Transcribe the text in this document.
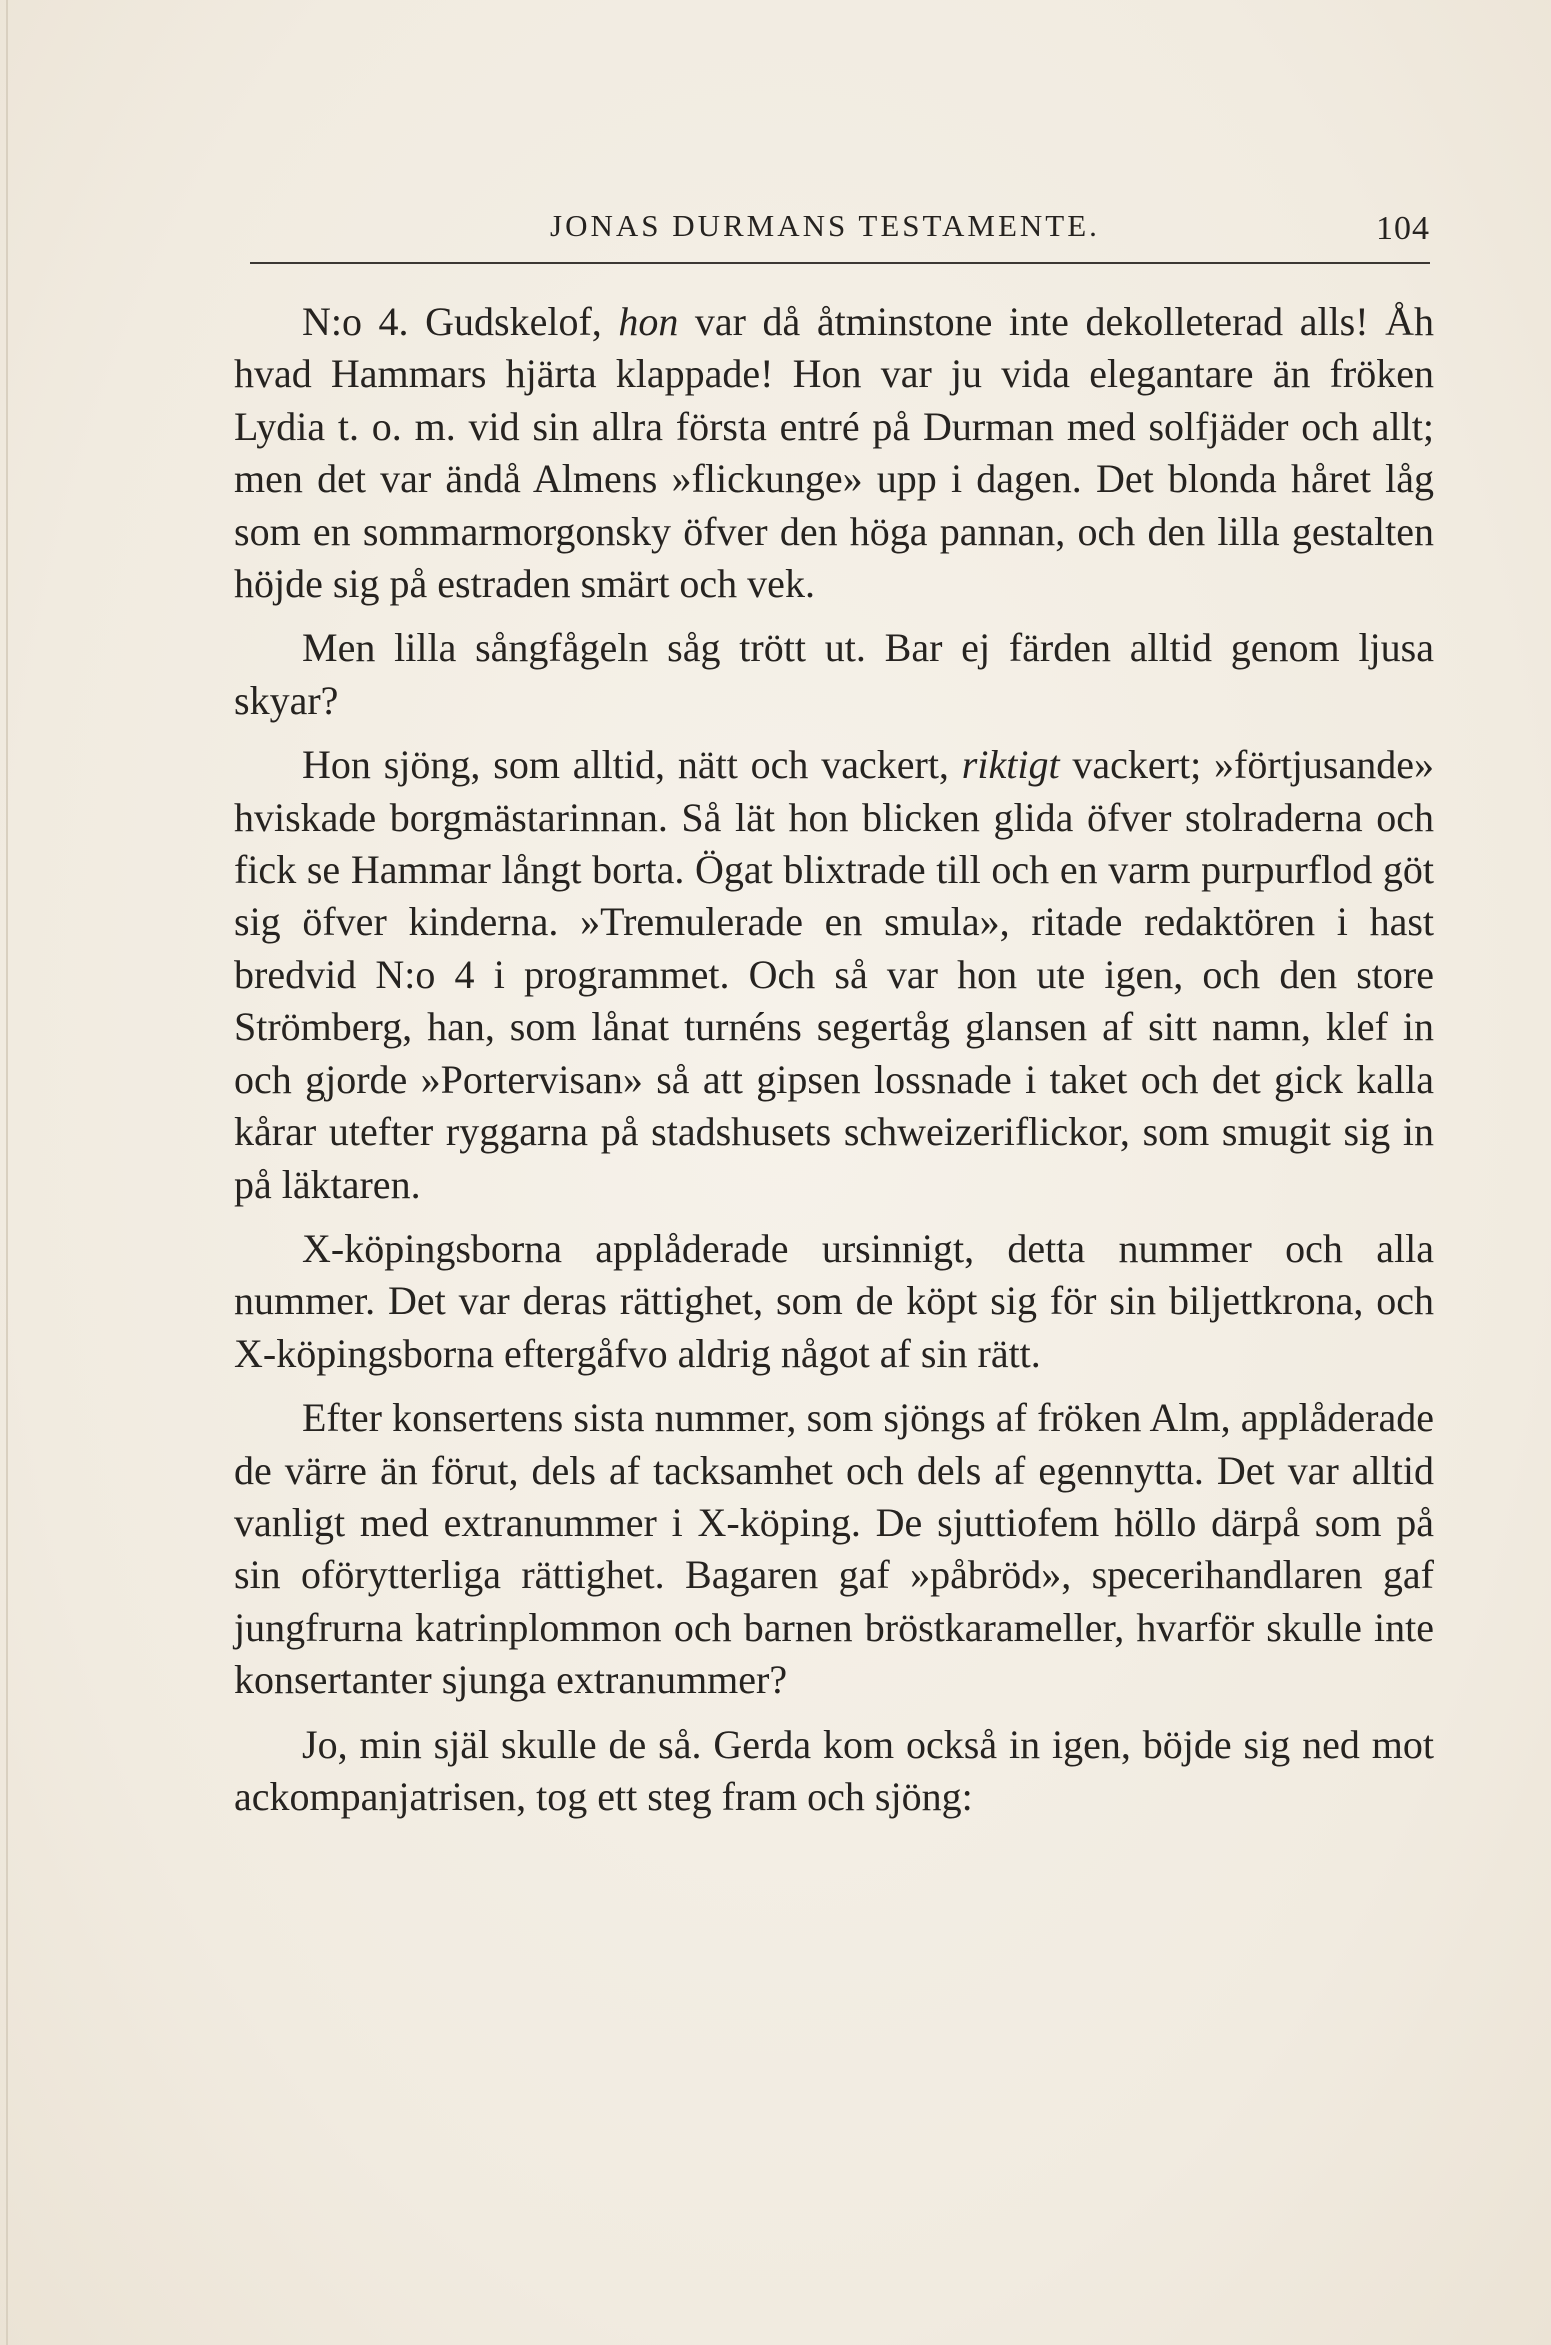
JONAS DURMANS TESTAMENTE.	104

N:o 4. Gudskelof, hon var då åtminstone inte dekolleterad alls! Åh hvad Hammars hjärta klappade! Hon var ju vida elegantare än fröken Lydia t. o. m. vid sin allra första entré på Durman med solfjäder och allt; men det var ändå Almens »flickunge» upp i dagen. Det blonda håret låg som en sommarmorgonsky öfver den höga pannan, och den lilla gestalten höjde sig på estraden smärt och vek.

Men lilla sångfågeln såg trött ut. Bar ej färden alltid genom ljusa skyar?

Hon sjöng, som alltid, nätt och vackert, riktigt vackert; »förtjusande» hviskade borgmästarinnan. Så lät hon blicken glida öfver stolraderna och fick se Hammar långt borta. Ögat blixtrade till och en varm purpurflod göt sig öfver kinderna. »Tremulerade en smula», ritade redaktören i hast bredvid N:o 4 i programmet. Och så var hon ute igen, och den store Strömberg, han, som lånat turnéns segertåg glansen af sitt namn, klef in och gjorde »Portervisan» så att gipsen lossnade i taket och det gick kalla kårar utefter ryggarna på stadshusets schweizeriflickor, som smugit sig in på läktaren.

X-köpingsborna applåderade ursinnigt, detta nummer och alla nummer. Det var deras rättighet, som de köpt sig för sin biljettkrona, och X-köpingsborna eftergåfvo aldrig något af sin rätt.

Efter konsertens sista nummer, som sjöngs af fröken Alm, applåderade de värre än förut, dels af tacksamhet och dels af egennytta. Det var alltid vanligt med extranummer i X-köping. De sjuttiofem höllo därpå som på sin oförytterliga rättighet. Bagaren gaf »påbröd», specerihandlaren gaf jungfrurna katrinplommon och barnen bröstkarameller, hvarför skulle inte konsertanter sjunga extranummer?

Jo, min själ skulle de så. Gerda kom också in igen, böjde sig ned mot ackompanjatrisen, tog ett steg fram och sjöng:
